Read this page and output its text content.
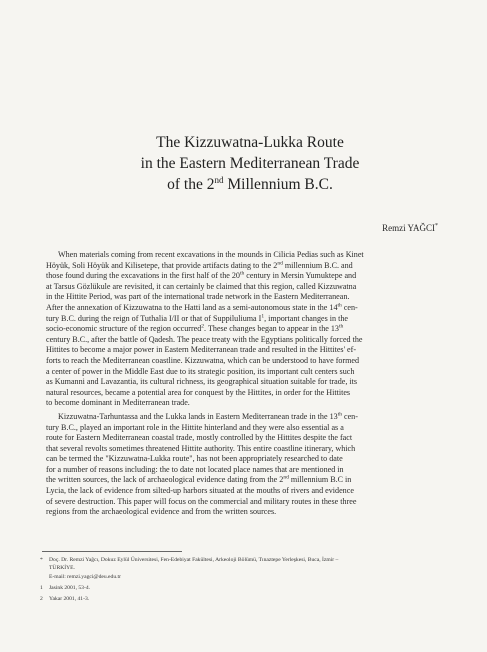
The Kizzuwatna-Lukka Route
in the Eastern Mediterranean Trade
of the 2nd Millennium B.C.
Remzi YAĞCI*
When materials coming from recent excavations in the mounds in Cilicia Pedias such as Kinet
Höyük, Soli Höyük and Kilisetepe, that provide artifacts dating to the 2nd millennium B.C. and
those found during the excavations in the first half of the 20th century in Mersin Yumuktepe and
at Tarsus Gözlükule are revisited, it can certainly be claimed that this region, called Kizzuwatna
in the Hittite Period, was part of the international trade network in the Eastern Mediterranean.
After the annexation of Kizzuwatna to the Hatti land as a semi-autonomous state in the 14th cen-
tury B.C. during the reign of Tuthalia I/II or that of Suppiluliuma $I^1$, important changes in the
socio-economic structure of the region occurred$^2$. These changes began to appear in the 13th
century B.C., after the battle of Qadesh. The peace treaty with the Egyptians politically forced the
Hittites to become a major power in Eastern Mediterranean trade and resulted in the Hittites' ef-
forts to reach the Mediterranean coastline. Kizzuwatna, which can be understood to have formed
a center of power in the Middle East due to its strategic position, its important cult centers such
as Kumanni and Lavazantia, its cultural richness, its geographical situation suitable for trade, its
natural resources, became a potential area for conquest by the Hittites, in order for the Hittites
to become dominant in Mediterranean trade.
Kizzuwatna-Tarhuntassa and the Lukka lands in Eastern Mediterranean trade in the 13th cen-
tury B.C., played an important role in the Hittite hinterland and they were also essential as a
route for Eastern Mediterranean coastal trade, mostly controlled by the Hittites despite the fact
that several revolts sometimes threatened Hittite authority. This entire coastline itinerary, which
can be termed the "Kizzuwatna-Lukka route", has not been appropriately researched to date
for a number of reasons including: the to date not located place names that are mentioned in
the written sources, the lack of archaeological evidence dating from the 2nd millennium B.C in
Lycia, the lack of evidence from silted-up harbors situated at the mouths of rivers and evidence
of severe destruction. This paper will focus on the commercial and military routes in these three
regions from the archaeological evidence and from the written sources.
*	Doç. Dr. Remzi Yağcı, Dokuz Eylül Üniversitesi, Fen-Edebiyat Fakültesi, Arkeoloji Bölümü, Tınaztepe Yerleşkesi, Buca, İzmir –
TÜRKİYE.
E-mail: remzi.yagci@deu.edu.tr
1	Jasink 2001, 53-4.
2	Yakar 2001, 41-3.
